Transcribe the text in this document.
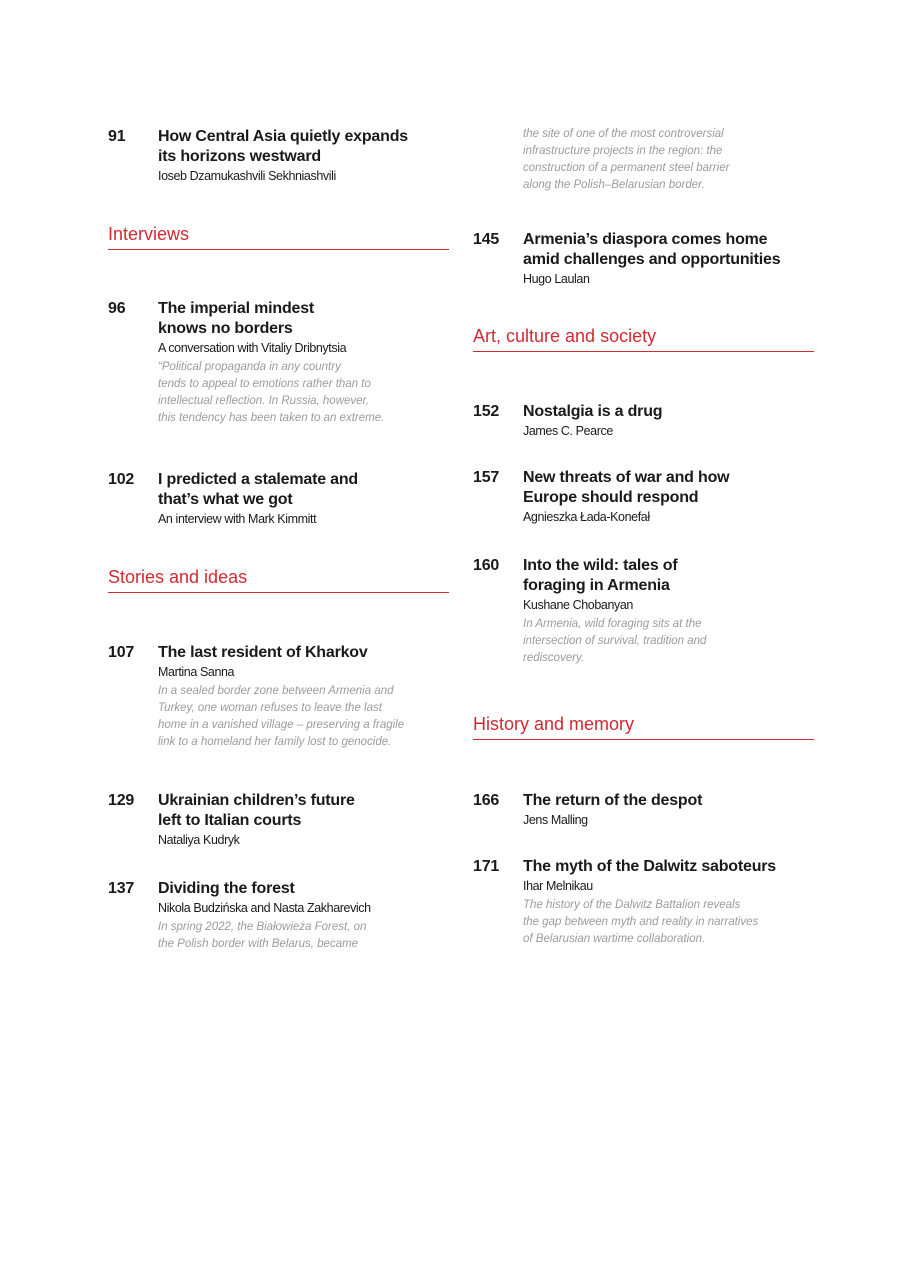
91 How Central Asia quietly expands
its horizons westward
Ioseb Dzamukashvili Sekhniashvili
Interviews
96 The imperial mindest
knows no borders
A conversation with Vitaliy Dribnytsia
“Political propaganda in any country
tends to appeal to emotions rather than to
intellectual reflection. In Russia, however,
this tendency has been taken to an extreme.
102 I predicted a stalemate and
that’s what we got
An interview with Mark Kimmitt
Stories and ideas
107 The last resident of Kharkov
Martina Sanna
In a sealed border zone between Armenia and
Turkey, one woman refuses to leave the last
home in a vanished village – preserving a fragile
link to a homeland her family lost to genocide.
129 Ukrainian children’s future
left to Italian courts
Nataliya Kudryk
137 Dividing the forest
Nikola Budzińska and Nasta Zakharevich
In spring 2022, the Białowieża Forest, on
the Polish border with Belarus, became
the site of one of the most controversial
infrastructure projects in the region: the
construction of a permanent steel barrier
along the Polish–Belarusian border.
145 Armenia’s diaspora comes home
amid challenges and opportunities
Hugo Laulan
Art, culture and society
152 Nostalgia is a drug
James C. Pearce
157 New threats of war and how
Europe should respond
Agnieszka Łada-Konefał
160 Into the wild: tales of
foraging in Armenia
Kushane Chobanyan
In Armenia, wild foraging sits at the
intersection of survival, tradition and
rediscovery.
History and memory
166 The return of the despot
Jens Malling
171 The myth of the Dalwitz saboteurs
Ihar Melnikau
The history of the Dalwitz Battalion reveals
the gap between myth and reality in narratives
of Belarusian wartime collaboration.
